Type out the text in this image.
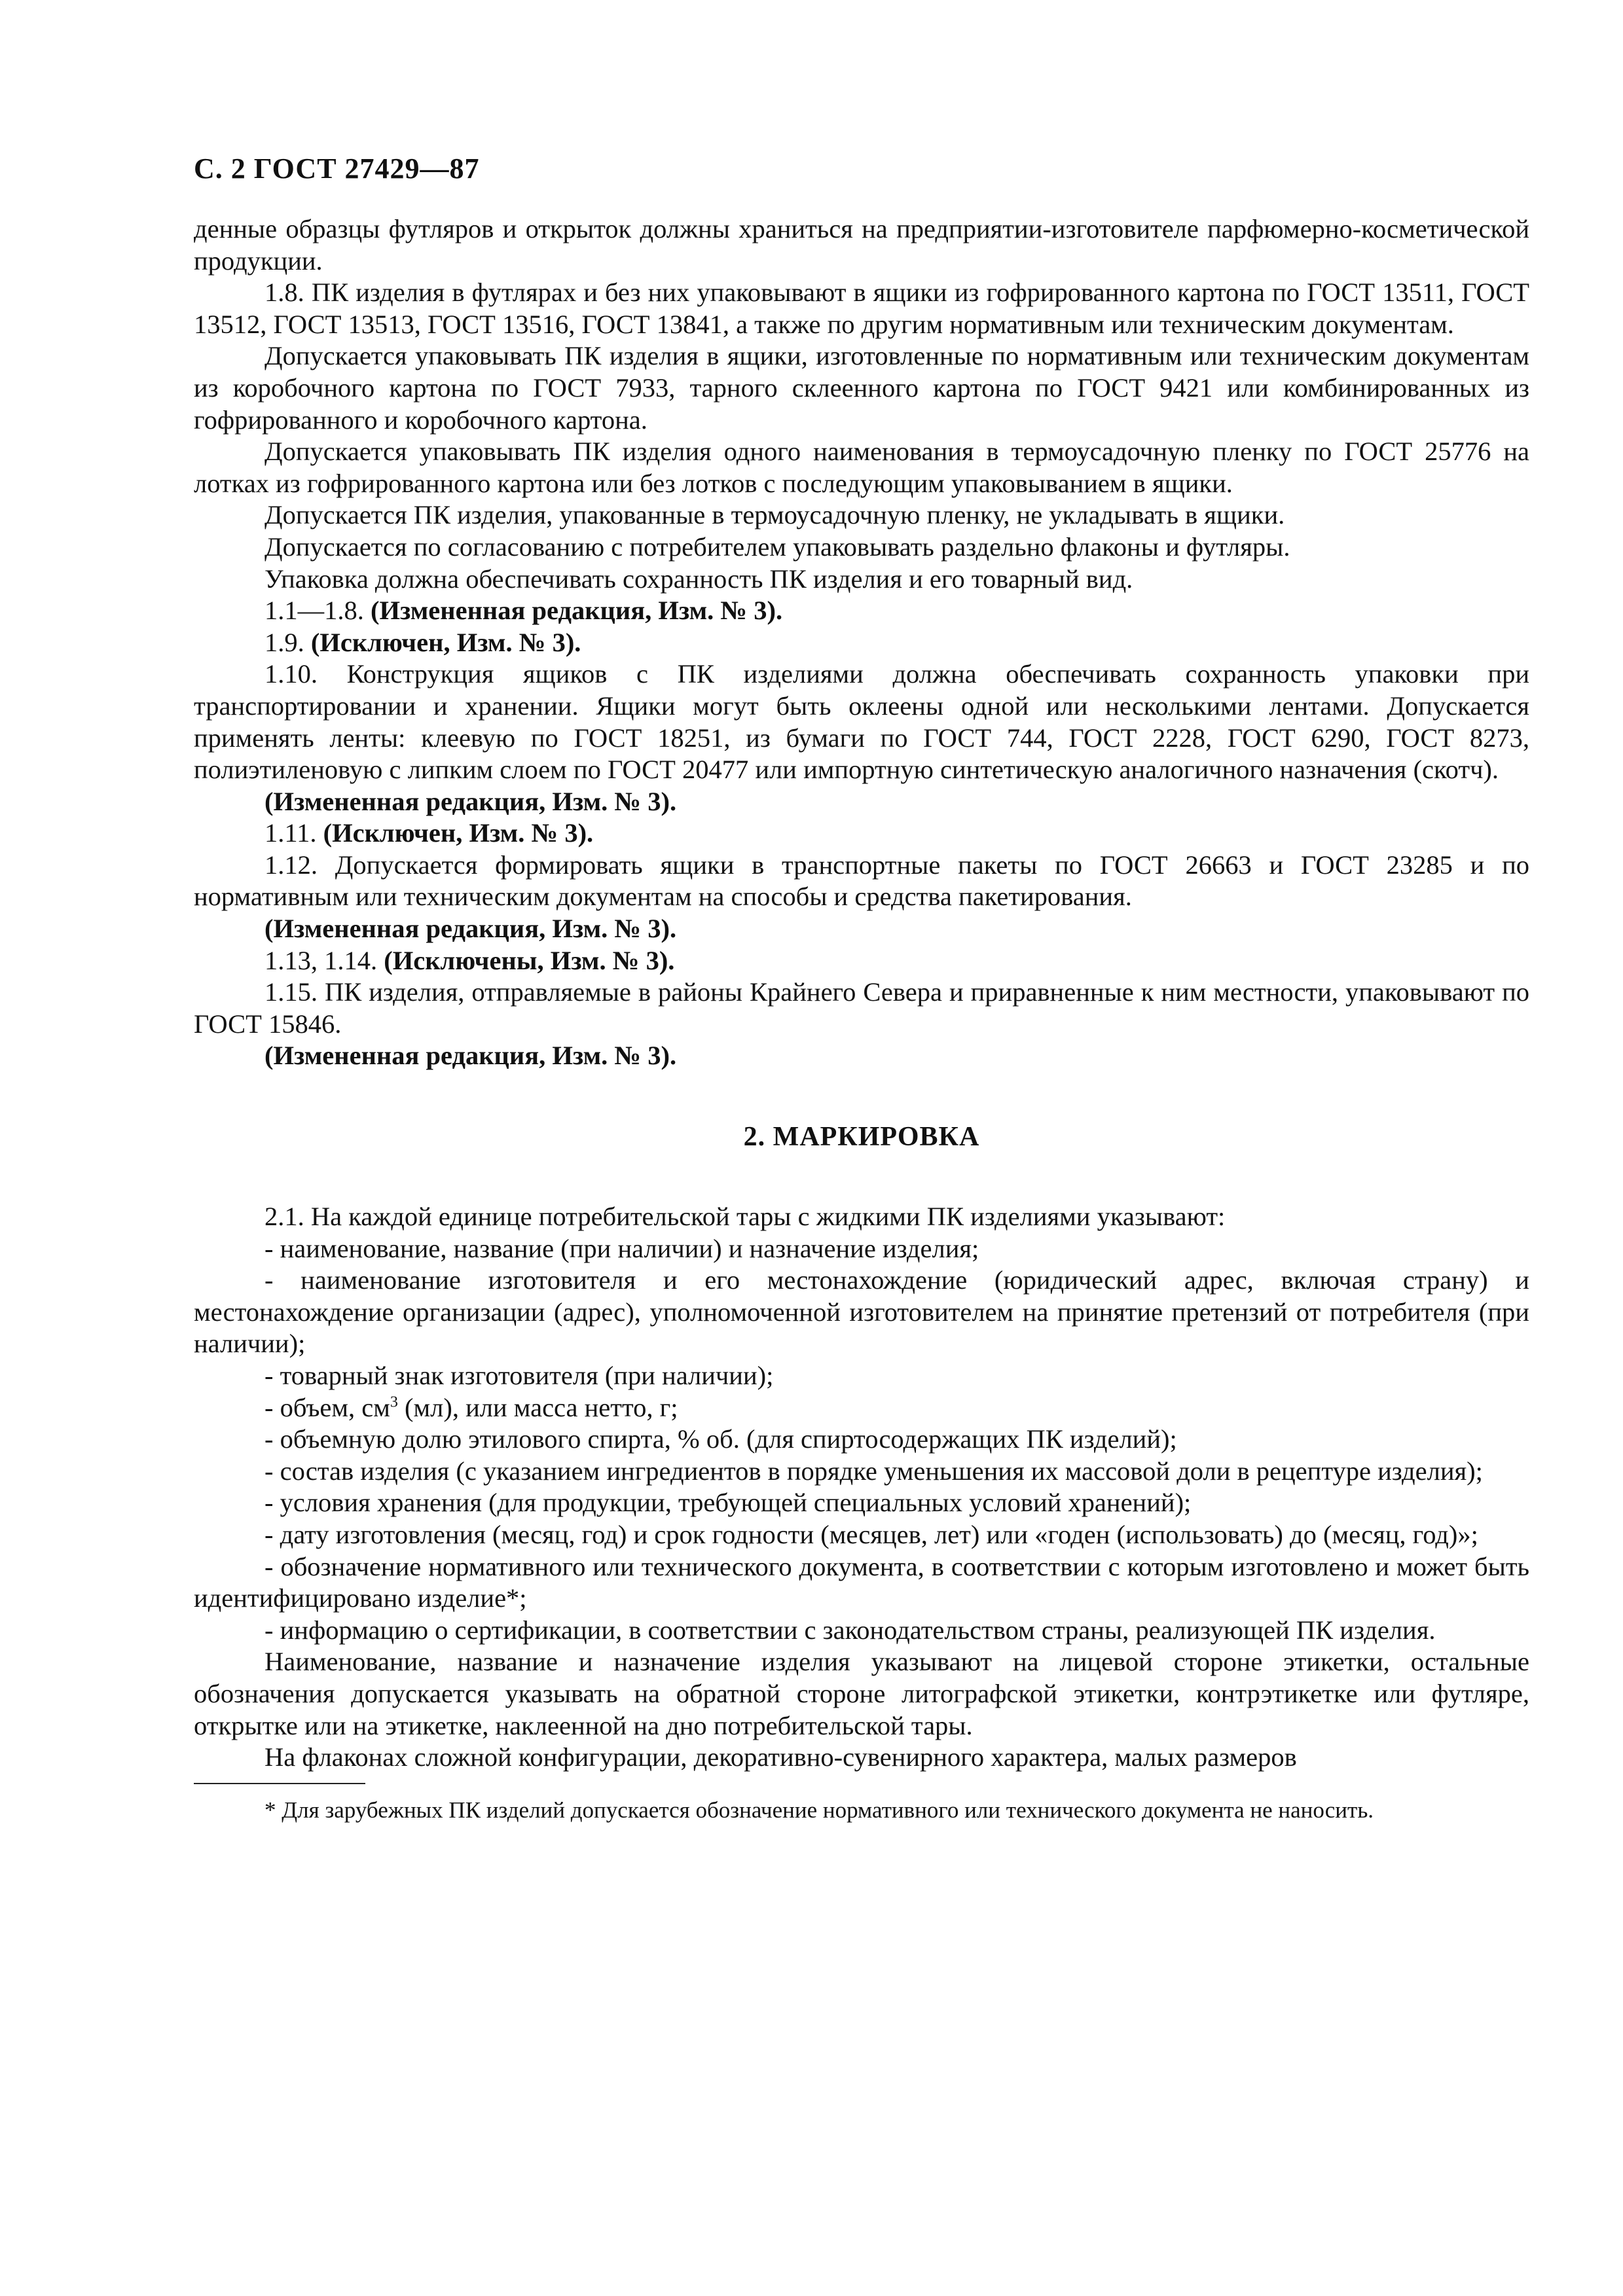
С. 2 ГОСТ 27429—87

денные образцы футляров и открыток должны храниться на предприятии-изготовителе парфюмерно-косметической продукции.

1.8. ПК изделия в футлярах и без них упаковывают в ящики из гофрированного картона по ГОСТ 13511, ГОСТ 13512, ГОСТ 13513, ГОСТ 13516, ГОСТ 13841, а также по другим нормативным или техническим документам.

Допускается упаковывать ПК изделия в ящики, изготовленные по нормативным или техническим документам из коробочного картона по ГОСТ 7933, тарного склеенного картона по ГОСТ 9421 или комбинированных из гофрированного и коробочного картона.

Допускается упаковывать ПК изделия одного наименования в термоусадочную пленку по ГОСТ 25776 на лотках из гофрированного картона или без лотков с последующим упаковыванием в ящики.

Допускается ПК изделия, упакованные в термоусадочную пленку, не укладывать в ящики.

Допускается по согласованию с потребителем упаковывать раздельно флаконы и футляры.

Упаковка должна обеспечивать сохранность ПК изделия и его товарный вид.

1.1—1.8. (Измененная редакция, Изм. № 3).

1.9. (Исключен, Изм. № 3).

1.10. Конструкция ящиков с ПК изделиями должна обеспечивать сохранность упаковки при транспортировании и хранении. Ящики могут быть оклеены одной или несколькими лентами. Допускается применять ленты: клеевую по ГОСТ 18251, из бумаги по ГОСТ 744, ГОСТ 2228, ГОСТ 6290, ГОСТ 8273, полиэтиленовую с липким слоем по ГОСТ 20477 или импортную синтетическую аналогичного назначения (скотч).

(Измененная редакция, Изм. № 3).

1.11. (Исключен, Изм. № 3).

1.12. Допускается формировать ящики в транспортные пакеты по ГОСТ 26663 и ГОСТ 23285 и по нормативным или техническим документам на способы и средства пакетирования.

(Измененная редакция, Изм. № 3).

1.13, 1.14. (Исключены, Изм. № 3).

1.15. ПК изделия, отправляемые в районы Крайнего Севера и приравненные к ним местности, упаковывают по ГОСТ 15846.

(Измененная редакция, Изм. № 3).

2. МАРКИРОВКА

2.1. На каждой единице потребительской тары с жидкими ПК изделиями указывают:

- наименование, название (при наличии) и назначение изделия;

- наименование изготовителя и его местонахождение (юридический адрес, включая страну) и местонахождение организации (адрес), уполномоченной изготовителем на принятие претензий от потребителя (при наличии);

- товарный знак изготовителя (при наличии);

- объем, $см^3$ (мл), или масса нетто, г;

- объемную долю этилового спирта, % об. (для спиртосодержащих ПК изделий);

- состав изделия (с указанием ингредиентов в порядке уменьшения их массовой доли в рецептуре изделия);

- условия хранения (для продукции, требующей специальных условий хранений);

- дату изготовления (месяц, год) и срок годности (месяцев, лет) или «годен (использовать) до (месяц, год)»;

- обозначение нормативного или технического документа, в соответствии с которым изготовлено и может быть идентифицировано изделие*;

- информацию о сертификации, в соответствии с законодательством страны, реализующей ПК изделия.

Наименование, название и назначение изделия указывают на лицевой стороне этикетки, остальные обозначения допускается указывать на обратной стороне литографской этикетки, контрэтикетке или футляре, открытке или на этикетке, наклеенной на дно потребительской тары.

На флаконах сложной конфигурации, декоративно-сувенирного характера, малых размеров

* Для зарубежных ПК изделий допускается обозначение нормативного или технического документа не наносить.
